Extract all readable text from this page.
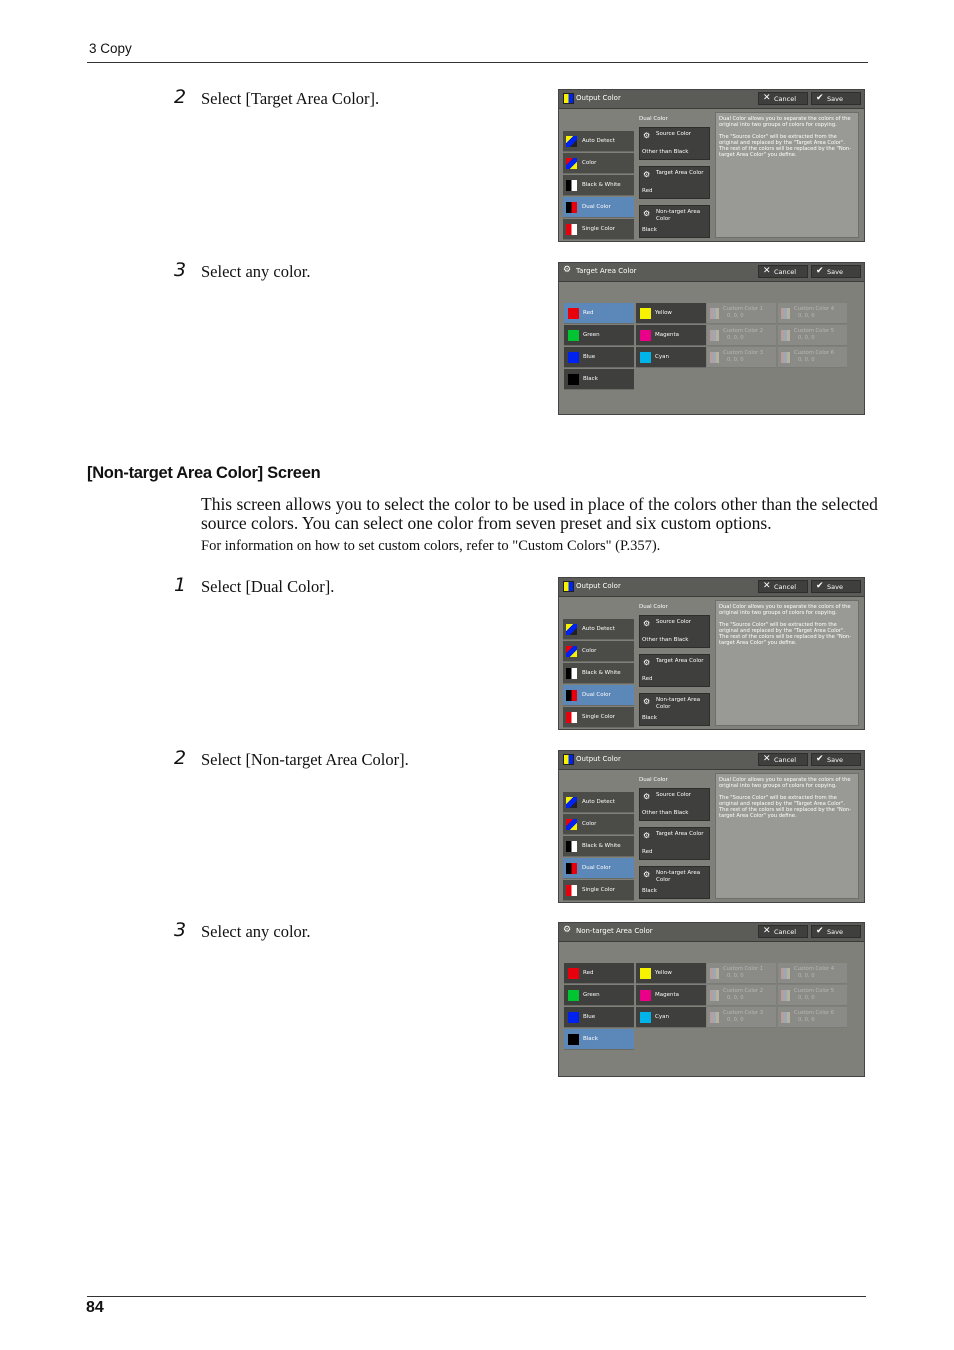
3 Copy
2 Select [Target Area Color].
3 Select any color.
[Non-target Area Color] Screen
This screen allows you to select the color to be used in place of the colors other than the selected source colors. You can select one color from seven preset and six custom options.
For information on how to set custom colors, refer to "Custom Colors" (P.357).
1 Select [Dual Color].
2 Select [Non-target Area Color].
3 Select any color.
Output Color	✕ Cancel ✔ Save
Dual Color
Auto Detect
Color
Black & White
Dual Color
Single Color
⚙ Source Color
Other than Black
⚙ Target Area Color
Red
⚙ Non-target Area Color
Black

Dual Color allows you to separate the colors of the original into two groups of colors for copying.

The "Source Color" will be extracted from the original and replaced by the "Target Area Color".
The rest of the colors will be replaced by the "Non-target Area Color" you define.

⚙ Target Area Color	✕ Cancel ✔ Save
Red
Green
Blue
Black
Yellow
Magenta
Cyan
Custom Color 1
0, 0, 0
Custom Color 2
0, 0, 0
Custom Color 3
0, 0, 0
Custom Color 4
0, 0, 0
Custom Color 5
0, 0, 0
Custom Color 6
0, 0, 0
Output Color	✕ Cancel ✔ Save
Dual Color
Auto Detect
Color
Black & White
Dual Color
Single Color
⚙ Source Color
Other than Black
⚙ Target Area Color
Red
⚙ Non-target Area Color
Black

Dual Color allows you to separate the colors of the original into two groups of colors for copying.

The "Source Color" will be extracted from the original and replaced by the "Target Area Color".
The rest of the colors will be replaced by the "Non-target Area Color" you define.

Output Color	✕ Cancel ✔ Save
Dual Color
Auto Detect
Color
Black & White
Dual Color
Single Color
⚙ Source Color
Other than Black
⚙ Target Area Color
Red
⚙ Non-target Area Color
Black

Dual Color allows you to separate the colors of the original into two groups of colors for copying.

The "Source Color" will be extracted from the original and replaced by the "Target Area Color".
The rest of the colors will be replaced by the "Non-target Area Color" you define.

⚙ Non-target Area Color	✕ Cancel ✔ Save
Red
Green
Blue
Black
Yellow
Magenta
Cyan
Custom Color 1
0, 0, 0
Custom Color 2
0, 0, 0
Custom Color 3
0, 0, 0
Custom Color 4
0, 0, 0
Custom Color 5
0, 0, 0
Custom Color 6
0, 0, 0
84
